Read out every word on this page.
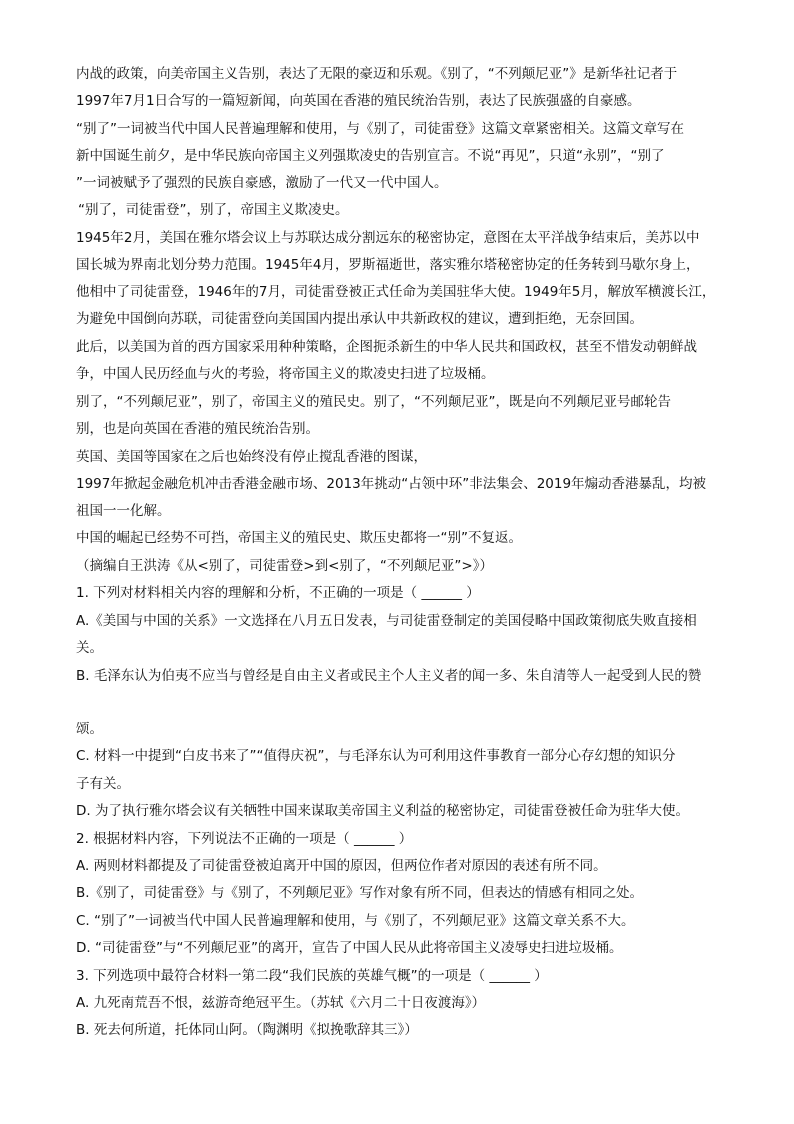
内战的政策，向美帝国主义告别，表达了无限的豪迈和乐观。《别了，“不列颠尼亚”》是新华社记者于
1997年7月1日合写的一篇短新闻，向英国在香港的殖民统治告别，表达了民族强盛的自豪感。
“别了”一词被当代中国人民普遍理解和使用，与《别了，司徒雷登》这篇文章紧密相关。这篇文章写在
新中国诞生前夕，是中华民族向帝国主义列强欺凌史的告别宣言。不说“再见”，只道“永别”，“别了
”一词被赋予了强烈的民族自豪感，激励了一代又一代中国人。
“别了，司徒雷登”，别了，帝国主义欺凌史。
1945年2月，美国在雅尔塔会议上与苏联达成分割远东的秘密协定，意图在太平洋战争结束后，美苏以中
国长城为界南北划分势力范围。1945年4月，罗斯福逝世，落实雅尔塔秘密协定的任务转到马歇尔身上，
他相中了司徒雷登，1946年的7月，司徒雷登被正式任命为美国驻华大使。1949年5月，解放军横渡长江，
为避免中国倒向苏联，司徒雷登向美国国内提出承认中共新政权的建议，遭到拒绝，无奈回国。
此后，以美国为首的西方国家采用种种策略，企图扼杀新生的中华人民共和国政权，甚至不惜发动朝鲜战
争，中国人民历经血与火的考验，将帝国主义的欺凌史扫进了垃圾桶。
别了，“不列颠尼亚”，别了，帝国主义的殖民史。别了，“不列颠尼亚”，既是向不列颠尼亚号邮轮告
别，也是向英国在香港的殖民统治告别。
英国、美国等国家在之后也始终没有停止搅乱香港的图谋，
1997年掀起金融危机冲击香港金融市场、2013年挑动“占领中环”非法集会、2019年煽动香港暴乱，均被
祖国一一化解。
中国的崛起已经势不可挡，帝国主义的殖民史、欺压史都将一“别”不复返。
（摘编自王洪涛《从<别了，司徒雷登>到<别了，“不列颠尼亚”>》）
1. 下列对材料相关内容的理解和分析，不正确的一项是（ ______ ）
A.《美国与中国的关系》一文选择在八月五日发表，与司徒雷登制定的美国侵略中国政策彻底失败直接相
关。
B. 毛泽东认为伯夷不应当与曾经是自由主义者或民主个人主义者的闻一多、朱自清等人一起受到人民的赞
颂。
C. 材料一中提到“白皮书来了”“值得庆祝”，与毛泽东认为可利用这件事教育一部分心存幻想的知识分
子有关。
D. 为了执行雅尔塔会议有关牺牲中国来谋取美帝国主义利益的秘密协定，司徒雷登被任命为驻华大使。
2. 根据材料内容，下列说法不正确的一项是（ ______ ）
A. 两则材料都提及了司徒雷登被迫离开中国的原因，但两位作者对原因的表述有所不同。
B.《别了，司徒雷登》与《别了，不列颠尼亚》写作对象有所不同，但表达的情感有相同之处。
C. “别了”一词被当代中国人民普遍理解和使用，与《别了，不列颠尼亚》这篇文章关系不大。
D. “司徒雷登”与“不列颠尼亚”的离开，宣告了中国人民从此将帝国主义凌辱史扫进垃圾桶。
3. 下列选项中最符合材料一第二段“我们民族的英雄气概”的一项是（ ______ ）
A. 九死南荒吾不恨，兹游奇绝冠平生。（苏轼《六月二十日夜渡海》）
B. 死去何所道，托体同山阿。（陶渊明《拟挽歌辞其三》）
